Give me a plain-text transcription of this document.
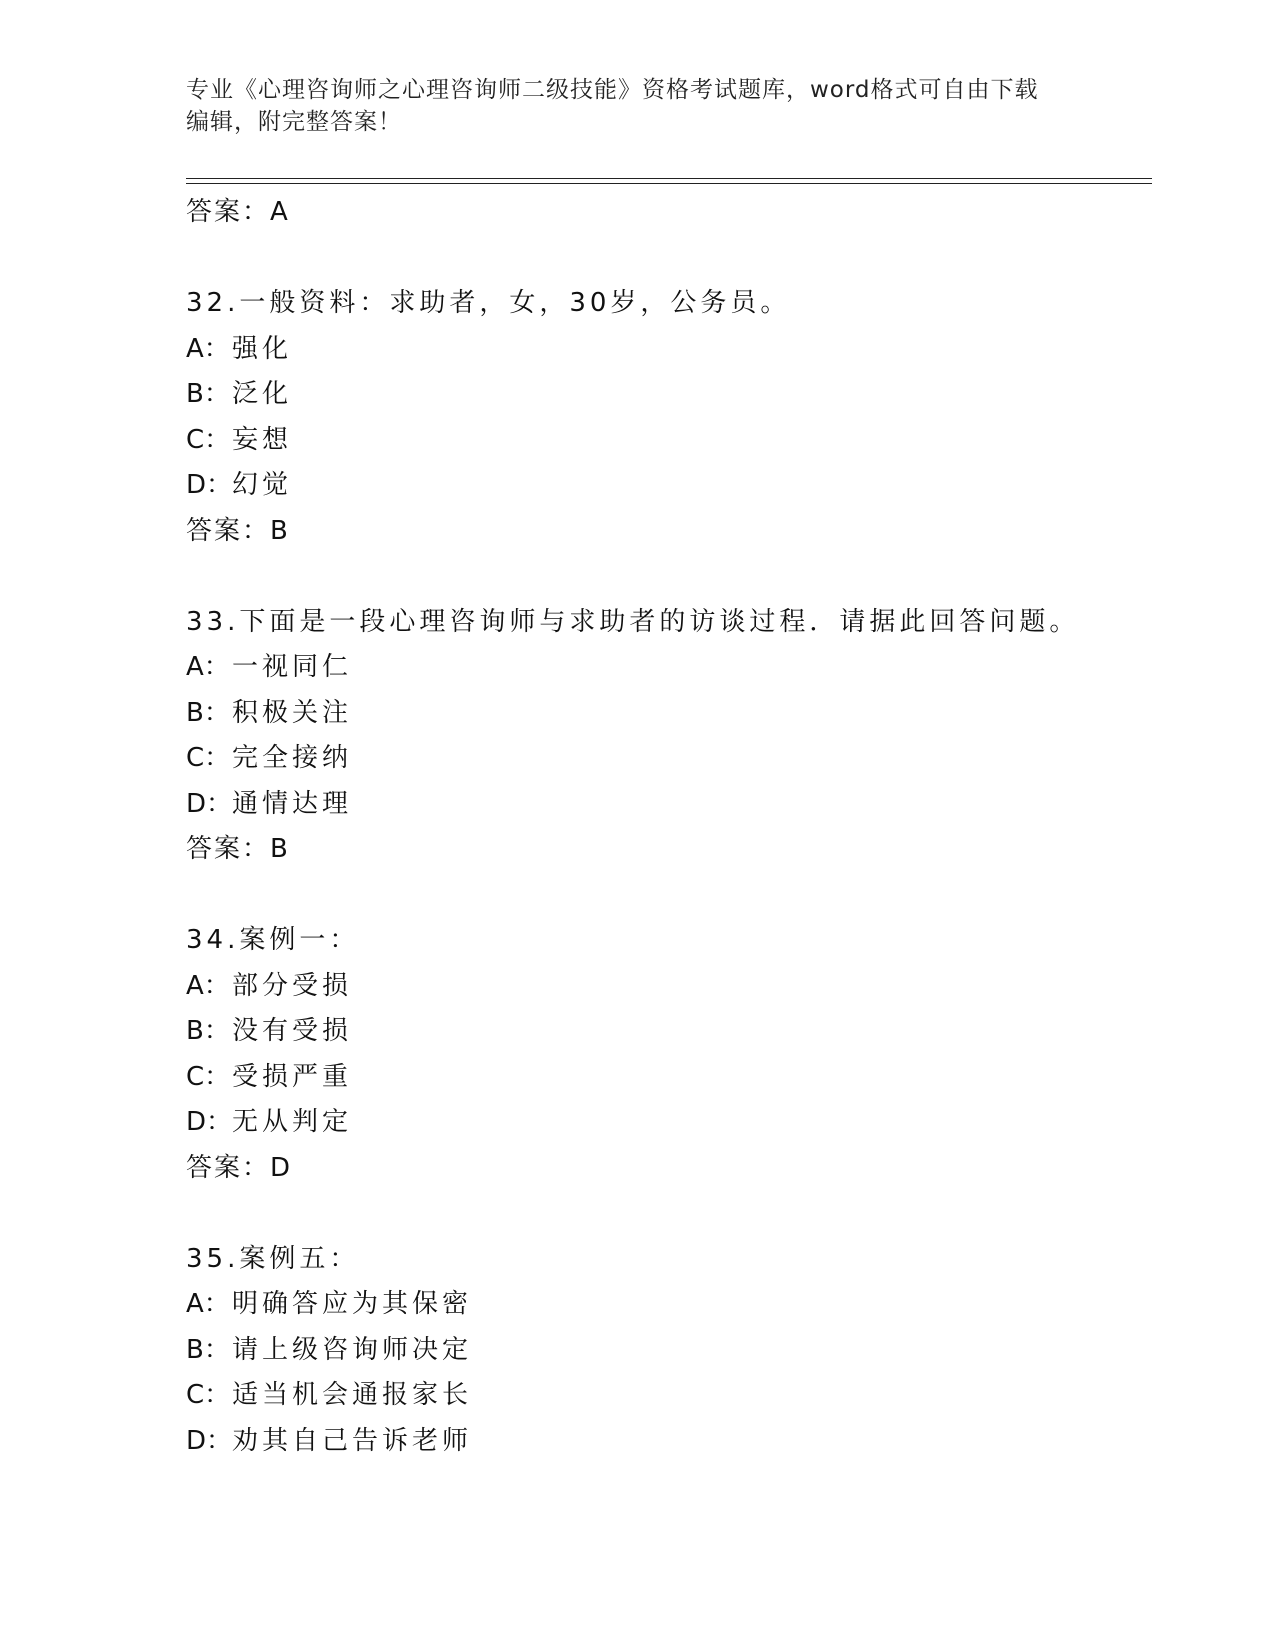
专业《心理咨询师之心理咨询师二级技能》资格考试题库，word格式可自由下载
编辑，附完整答案！
答案：A
32.一般资料：求助者，女，30岁，公务员。
A：强化
B：泛化
C：妄想
D：幻觉
答案：B
33.下面是一段心理咨询师与求助者的访谈过程．请据此回答问题。
A：一视同仁
B：积极关注
C：完全接纳
D：通情达理
答案：B
34.案例一：
A：部分受损
B：没有受损
C：受损严重
D：无从判定
答案：D
35.案例五：
A：明确答应为其保密
B：请上级咨询师决定
C：适当机会通报家长
D：劝其自己告诉老师
